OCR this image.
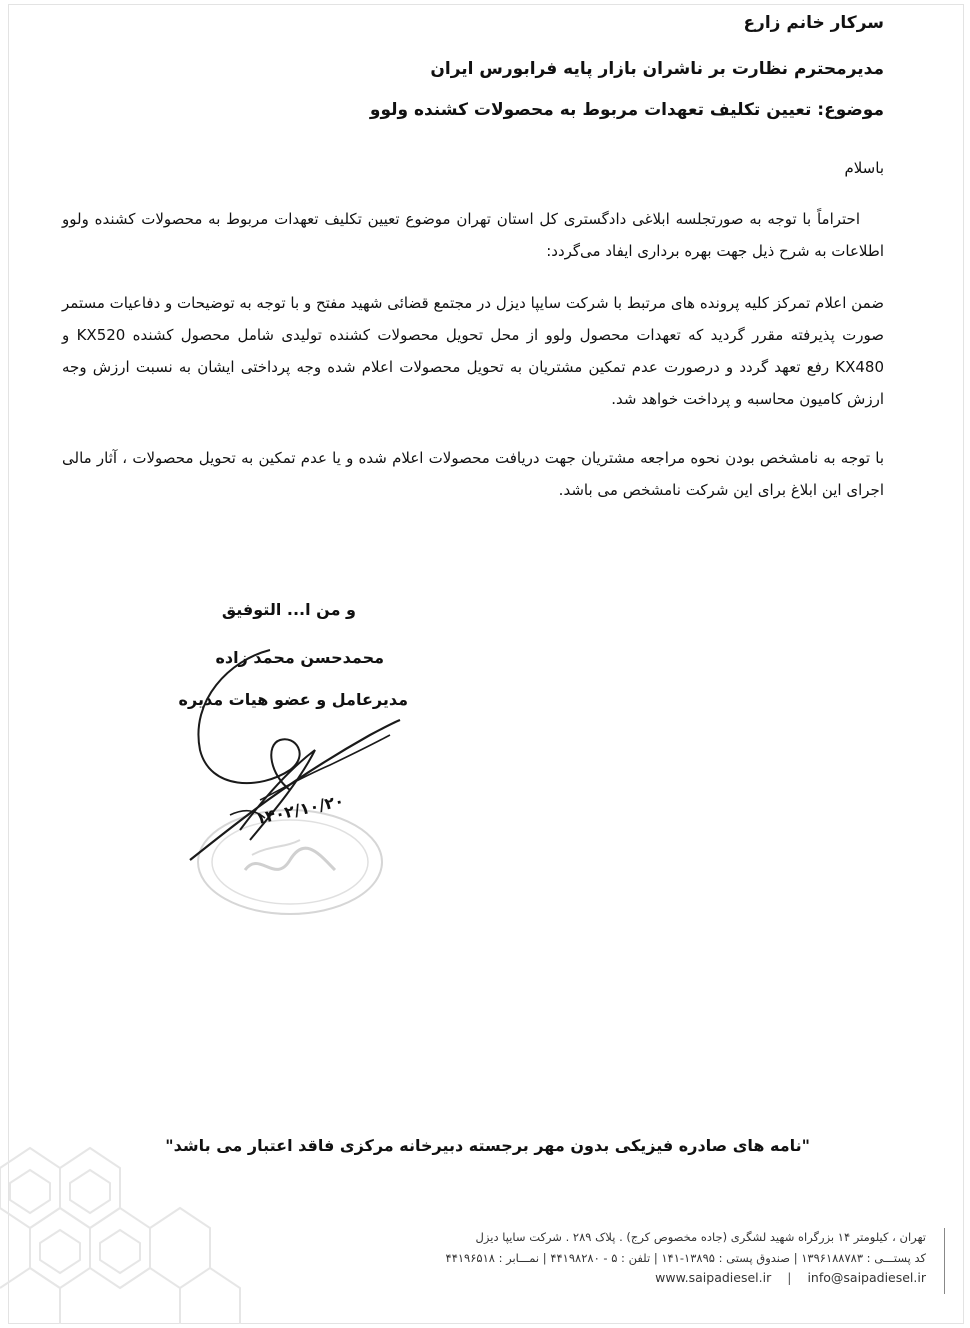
سرکار خانم زارع
مدیرمحترم نظارت بر ناشران بازار پایه فرابورس ایران
موضوع: تعیین تکلیف تعهدات مربوط به محصولات کشنده ولوو
باسلام
احتراماً با توجه به صورتجلسه ابلاغی دادگستری کل استان تهران موضوع تعیین تکلیف تعهدات مربوط به محصولات کشنده ولوو اطلاعات به شرح ذیل جهت بهره برداری ایفاد می‌گردد:
ضمن اعلام تمرکز کلیه پرونده های مرتبط با شرکت سایپا دیزل در مجتمع قضائی شهید مفتح و با توجه به توضیحات و دفاعیات مستمر صورت پذیرفته مقرر گردید که تعهدات محصول ولوو از محل تحویل محصولات کشنده تولیدی شامل محصول کشنده KX520 و KX480 رفع تعهد گردد و درصورت عدم تمکین مشتریان به تحویل محصولات اعلام شده وجه پرداختی ایشان به نسبت ارزش وجه ارزش کامیون محاسبه و پرداخت خواهد شد.
با توجه به نامشخص بودن نحوه مراجعه مشتریان جهت دریافت محصولات اعلام شده و یا عدم تمکین به تحویل محصولات ، آثار مالی اجرای این ابلاغ برای این شرکت نامشخص می باشد.
و من ا... التوفیق
محمدحسن محمد زاده
مدیرعامل و عضو هیات مدیره
۱۴۰۲/۱۰/۲۰
"نامه های صادره فیزیکی بدون مهر برجسته دبیرخانه مرکزی فاقد اعتبار می باشد"
تهران ، کیلومتر ۱۴ بزرگراه شهید لشگری (جاده مخصوص کرج) . پلاک ۲۸۹ . شرکت سایپا دیزل
کد پستـــی : ۱۳۹۶۱۸۸۷۸۳ | صندوق پستی : ۱۳۸۹۵-۱۴۱ | تلفن : ۵ - ۴۴۱۹۸۲۸۰ | نمـــابر : ۴۴۱۹۶۵۱۸
www.saipadiesel.ir | info@saipadiesel.ir
